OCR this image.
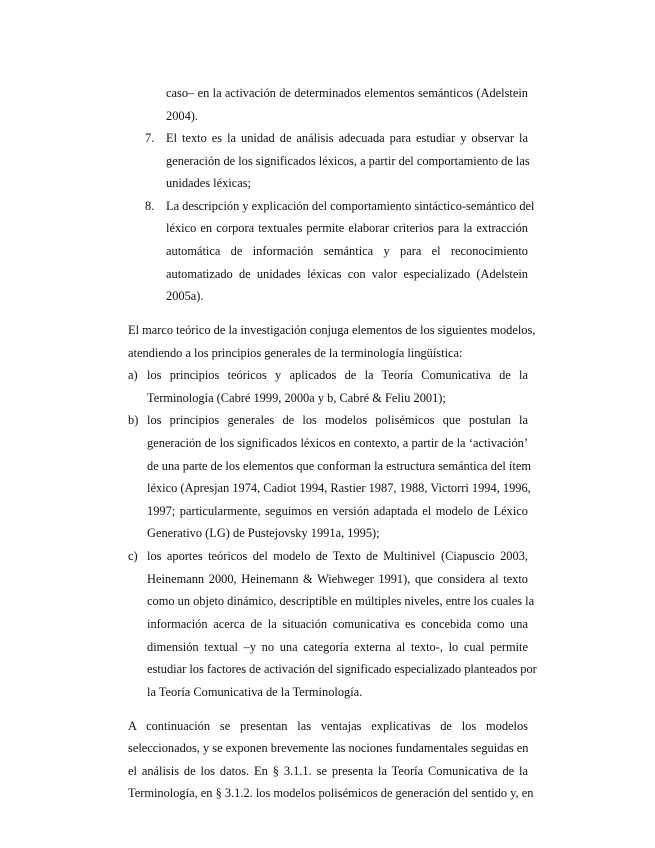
caso– en la activación de determinados elementos semánticos (Adelstein
2004).
7. El texto es la unidad de análisis adecuada para estudiar y observar la
generación de los significados léxicos, a partir del comportamiento de las
unidades léxicas;
8. La descripción y explicación del comportamiento sintáctico-semántico del
léxico en corpora textuales permite elaborar criterios para la extracción
automática de información semántica y para el reconocimiento
automatizado de unidades léxicas con valor especializado (Adelstein
2005a).
El marco teórico de la investigación conjuga elementos de los siguientes modelos,
atendiendo a los principios generales de la terminología lingüística:
a) los principios teóricos y aplicados de la Teoría Comunicativa de la
Terminología (Cabré 1999, 2000a y b, Cabré & Feliu 2001);
b) los principios generales de los modelos polisémicos que postulan la
generación de los significados léxicos en contexto, a partir de la ‘activación’
de una parte de los elementos que conforman la estructura semántica del ítem
léxico (Apresjan 1974, Cadiot 1994, Rastier 1987, 1988, Victorri 1994, 1996,
1997; particularmente, seguimos en versión adaptada el modelo de Léxico
Generativo (LG) de Pustejovsky 1991a, 1995);
c) los aportes teóricos del modelo de Texto de Multinivel (Ciapuscio 2003,
Heinemann 2000, Heinemann & Wiehweger 1991), que considera al texto
como un objeto dinámico, descriptible en múltiples niveles, entre los cuales la
información acerca de la situación comunicativa es concebida como una
dimensión textual –y no una categoría externa al texto-, lo cual permite
estudiar los factores de activación del significado especializado planteados por
la Teoría Comunicativa de la Terminología.
A continuación se presentan las ventajas explicativas de los modelos
seleccionados, y se exponen brevemente las nociones fundamentales seguidas en
el análisis de los datos. En § 3.1.1. se presenta la Teoría Comunicativa de la
Terminología, en § 3.1.2. los modelos polisémicos de generación del sentido y, en
